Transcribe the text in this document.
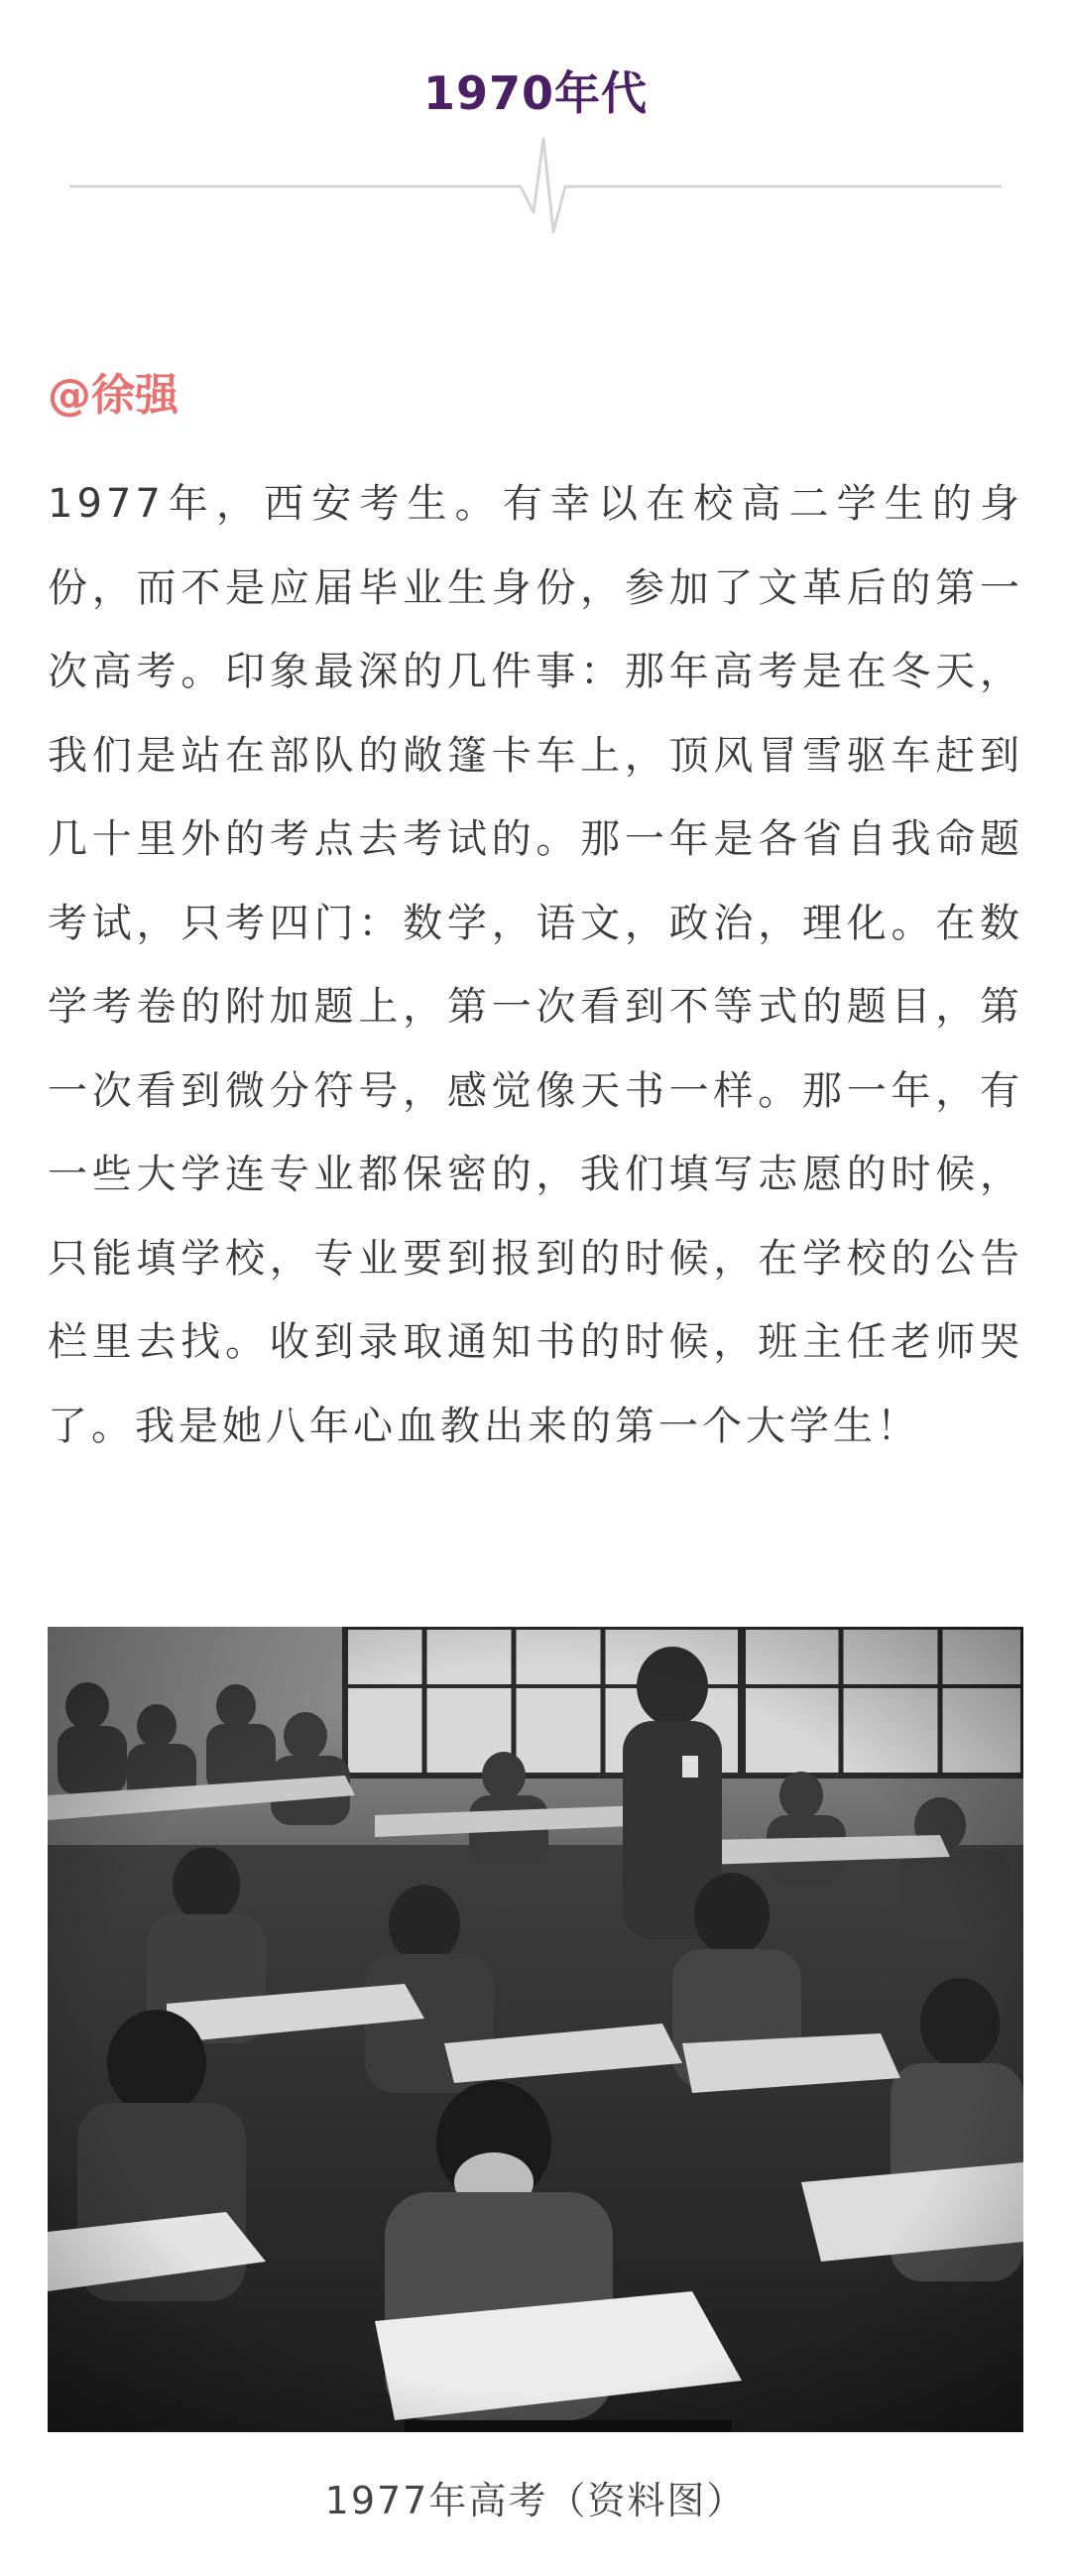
1970年代
@徐强

1977年，西安考生。有幸以在校高二学生的身份，而不是应届毕业生身份，参加了文革后的第一次高考。印象最深的几件事：那年高考是在冬天，我们是站在部队的敞篷卡车上，顶风冒雪驱车赶到几十里外的考点去考试的。那一年是各省自我命题考试，只考四门：数学，语文，政治，理化。在数学考卷的附加题上，第一次看到不等式的题目，第一次看到微分符号，感觉像天书一样。那一年，有一些大学连专业都保密的，我们填写志愿的时候，只能填学校，专业要到报到的时候，在学校的公告栏里去找。收到录取通知书的时候，班主任老师哭了。我是她八年心血教出来的第一个大学生！

1977年高考（资料图）
